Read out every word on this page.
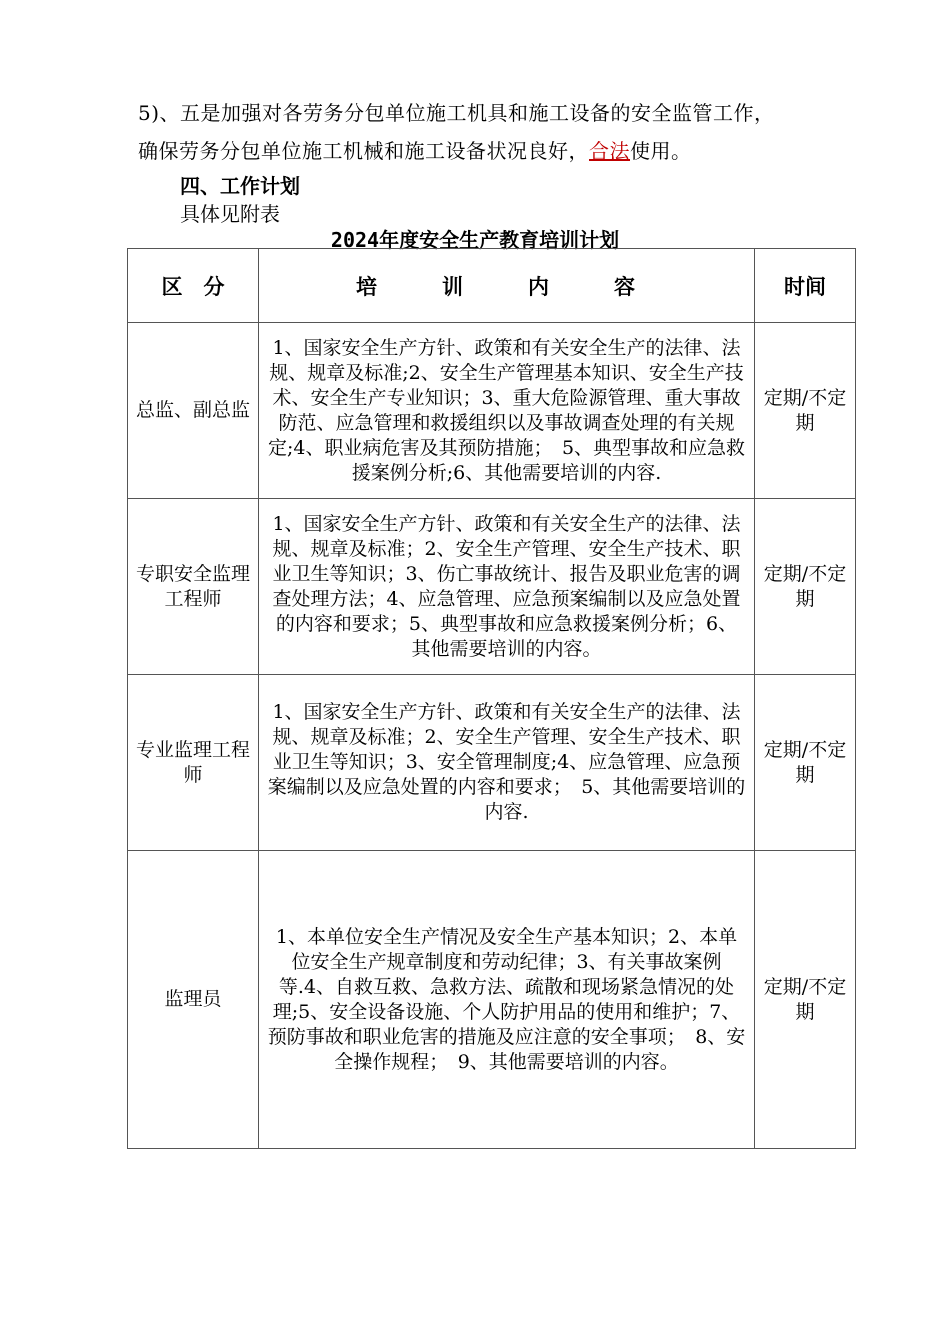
5)、五是加强对各劳务分包单位施工机具和施工设备的安全监管工作，
确保劳务分包单位施工机械和施工设备状况良好，合法使用。
四、工作计划
具体见附表
2024年度安全生产教育培训计划
区　分	培　训　内　容	时间
总监、副总监	1、国家安全生产方针、政策和有关安全生产的法律、法规、规章及标准;2、安全生产管理基本知识、安全生产技术、安全生产专业知识；3、重大危险源管理、重大事故防范、应急管理和救援组织以及事故调查处理的有关规定;4、职业病危害及其预防措施；　5、典型事故和应急救援案例分析;6、其他需要培训的内容.	定期/不定期
专职安全监理工程师	1、国家安全生产方针、政策和有关安全生产的法律、法规、规章及标准；2、安全生产管理、安全生产技术、职业卫生等知识；3、伤亡事故统计、报告及职业危害的调查处理方法；4、应急管理、应急预案编制以及应急处置的内容和要求；5、典型事故和应急救援案例分析；6、其他需要培训的内容。	定期/不定期
专业监理工程师	1、国家安全生产方针、政策和有关安全生产的法律、法规、规章及标准；2、安全生产管理、安全生产技术、职业卫生等知识；3、安全管理制度;4、应急管理、应急预案编制以及应急处置的内容和要求；　5、其他需要培训的内容.	定期/不定期
监理员	1、本单位安全生产情况及安全生产基本知识；2、本单位安全生产规章制度和劳动纪律；3、有关事故案例等.4、自救互救、急救方法、疏散和现场紧急情况的处理;5、安全设备设施、个人防护用品的使用和维护；7、预防事故和职业危害的措施及应注意的安全事项；　8、安全操作规程；　9、其他需要培训的内容。	定期/不定期
